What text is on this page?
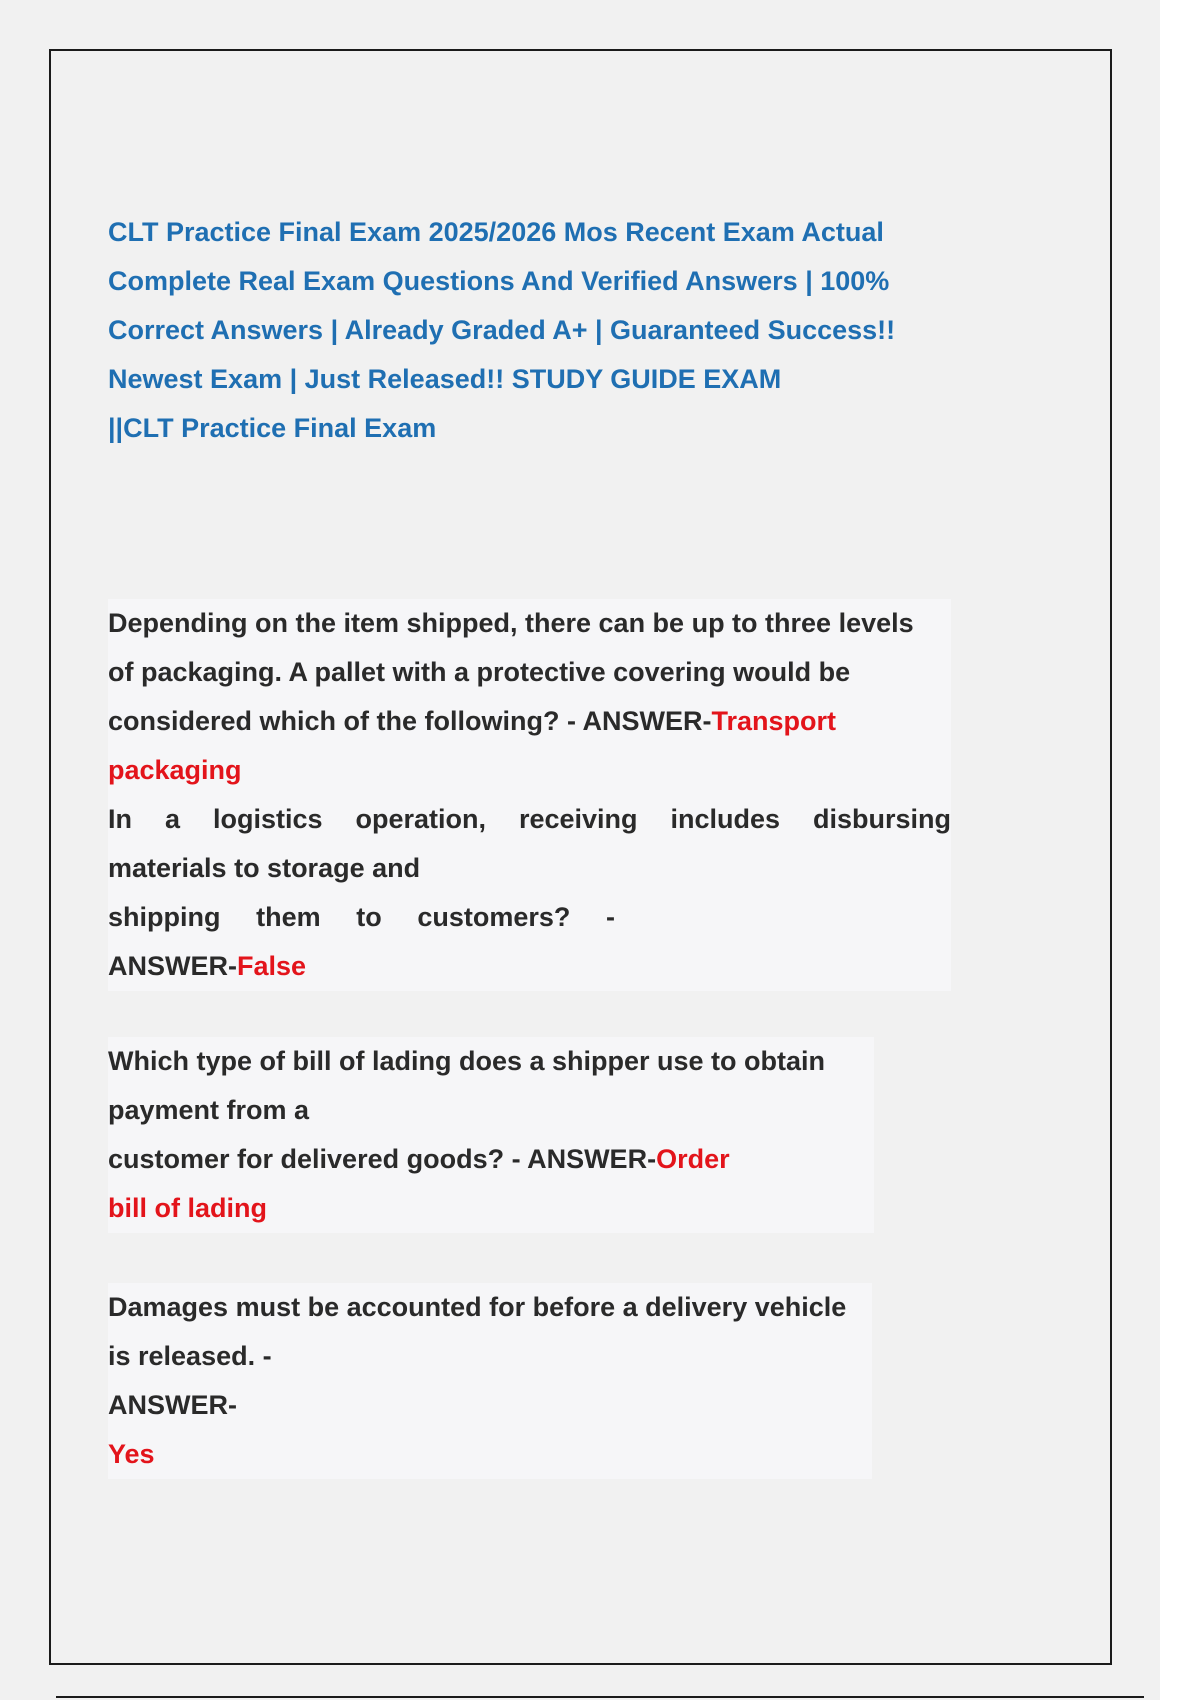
CLT Practice Final Exam 2025/2026 Mos Recent Exam Actual
Complete Real Exam Questions And Verified Answers | 100%
Correct Answers | Already Graded A+ | Guaranteed Success!!
Newest Exam | Just Released!! STUDY GUIDE EXAM
||CLT Practice Final Exam
Depending on the item shipped, there can be up to three levels
of packaging. A pallet with a protective covering would be
considered which of the following? - ANSWER-Transport
packaging
In a logistics operation, receiving includes disbursing
materials to storage and
shipping them to customers? -
ANSWER-False
Which type of bill of lading does a shipper use to obtain
payment from a
customer for delivered goods? - ANSWER-Order
bill of lading
Damages must be accounted for before a delivery vehicle
is released. -
ANSWER-
Yes
